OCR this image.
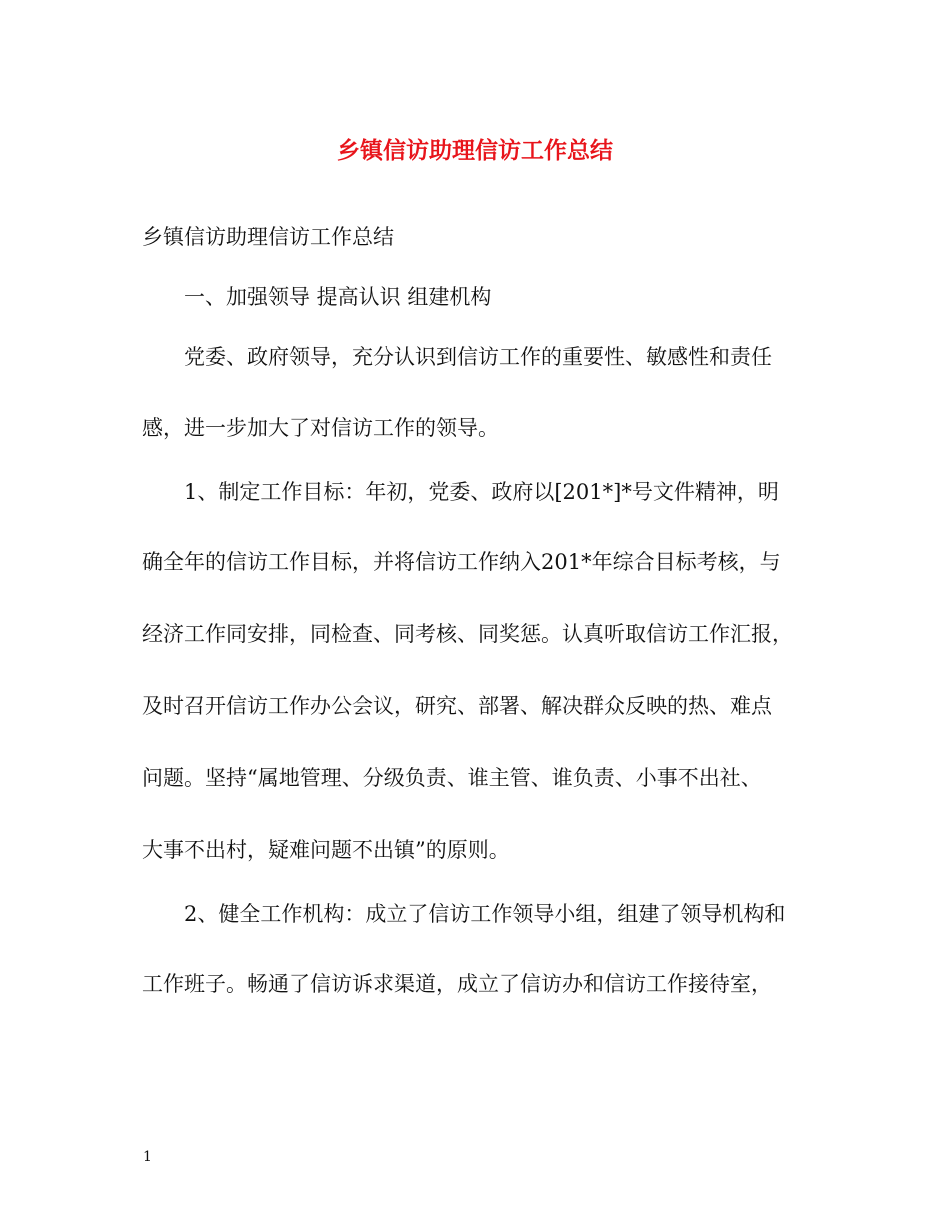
乡镇信访助理信访工作总结
乡镇信访助理信访工作总结
　　一、加强领导 提高认识 组建机构
　　党委、政府领导，充分认识到信访工作的重要性、敏感性和责任
感，进一步加大了对信访工作的领导。
　　1、制定工作目标：年初，党委、政府以[201*]*号文件精神，明
确全年的信访工作目标，并将信访工作纳入201*年综合目标考核，与
经济工作同安排，同检查、同考核、同奖惩。认真听取信访工作汇报，
及时召开信访工作办公会议，研究、部署、解决群众反映的热、难点
问题。坚持“属地管理、分级负责、谁主管、谁负责、小事不出社、
大事不出村，疑难问题不出镇”的原则。
　　2、健全工作机构：成立了信访工作领导小组，组建了领导机构和
工作班子。畅通了信访诉求渠道，成立了信访办和信访工作接待室，
1
